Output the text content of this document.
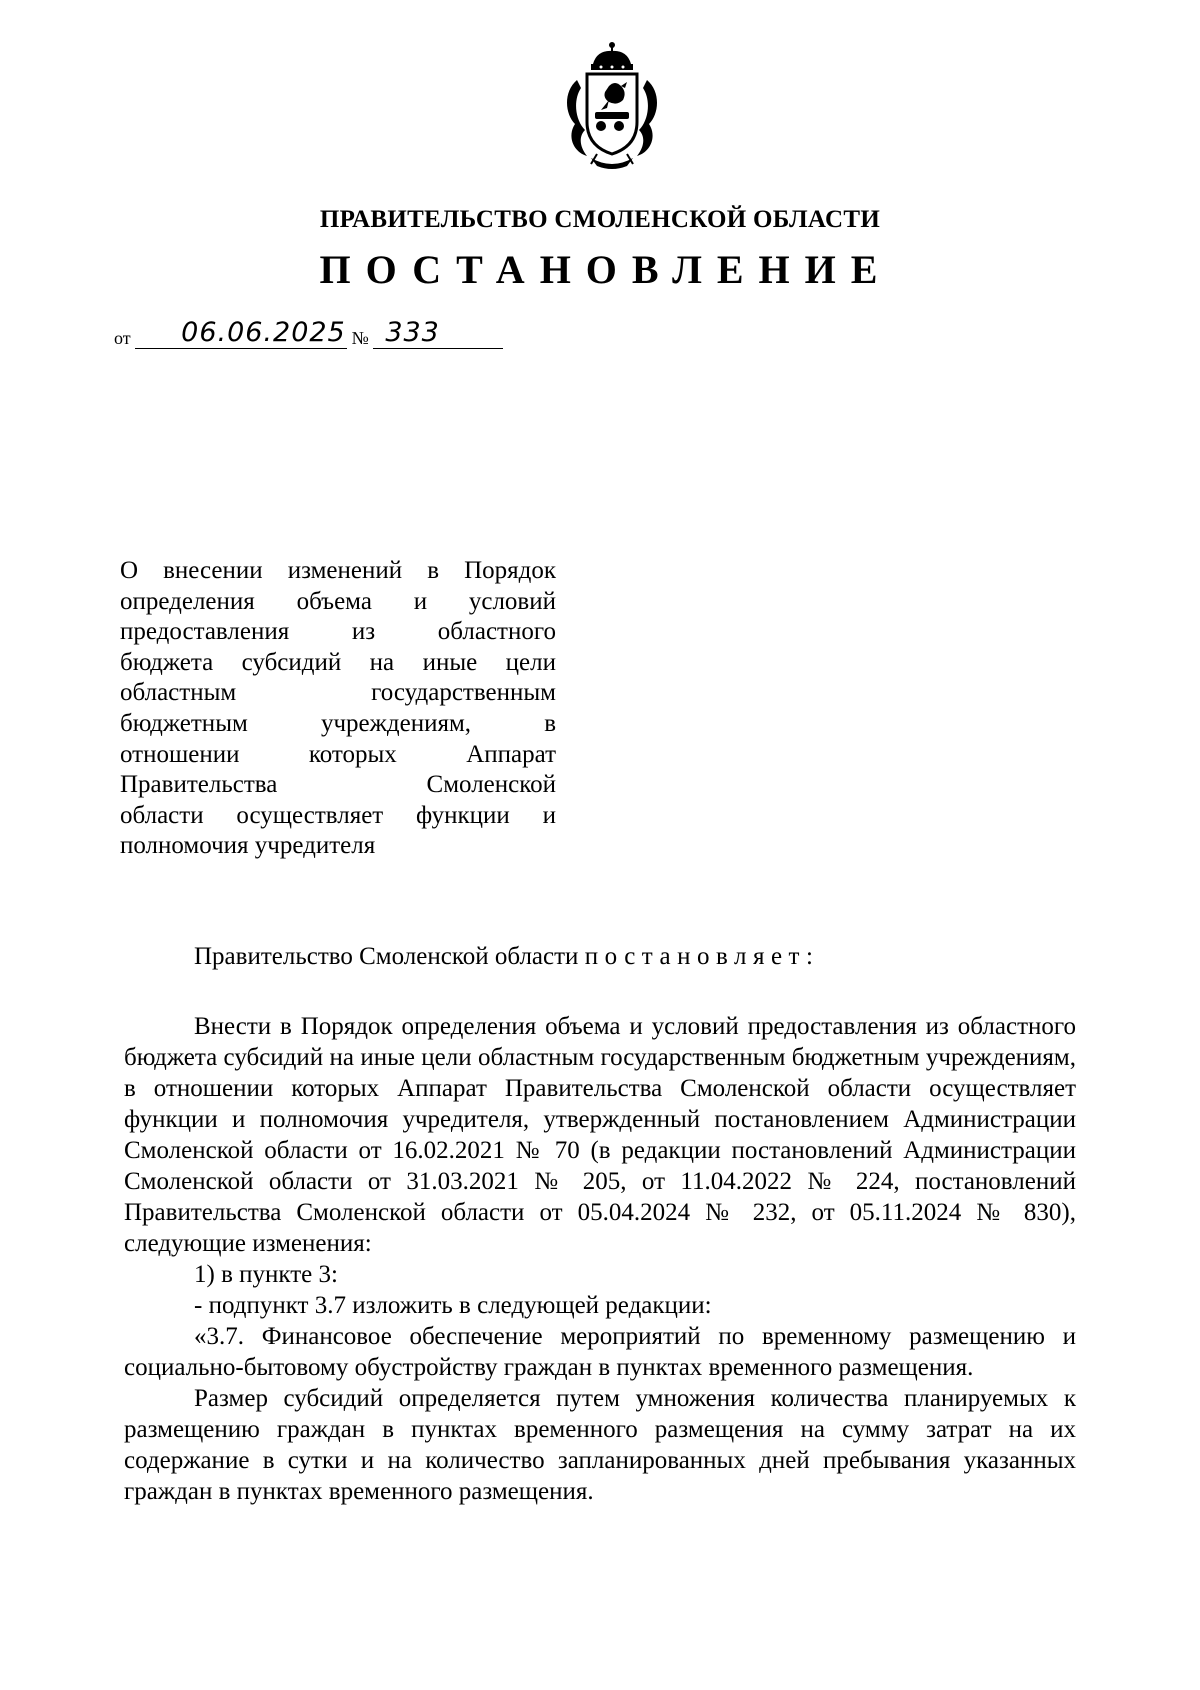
ПРАВИТЕЛЬСТВО СМОЛЕНСКОЙ ОБЛАСТИ
ПОСТАНОВЛЕНИЕ
от 06.06.2025 № 333

О внесении изменений в Порядок

определения объема и условий

предоставления из областного

бюджета субсидий на иные цели

областным государственным

бюджетным учреждениям, в

отношении которых Аппарат

Правительства Смоленской

области осуществляет функции и

полномочия учредителя

Правительство Смоленской области постановляет:

Внести в Порядок определения объема и условий предоставления из областного бюджета субсидий на иные цели областным государственным бюджетным учреждениям, в отношении которых Аппарат Правительства Смоленской области осуществляет функции и полномочия учредителя, утвержденный постановлением Администрации Смоленской области от 16.02.2021 № 70 (в редакции постановлений Администрации Смоленской области от 31.03.2021 № 205, от 11.04.2022 № 224, постановлений Правительства Смоленской области от 05.04.2024 № 232, от 05.11.2024 № 830), следующие изменения:

1) в пункте 3:

- подпункт 3.7 изложить в следующей редакции:

«3.7. Финансовое обеспечение мероприятий по временному размещению и социально-бытовому обустройству граждан в пунктах временного размещения.

Размер субсидий определяется путем умножения количества планируемых к размещению граждан в пунктах временного размещения на сумму затрат на их содержание в сутки и на количество запланированных дней пребывания указанных граждан в пунктах временного размещения.
